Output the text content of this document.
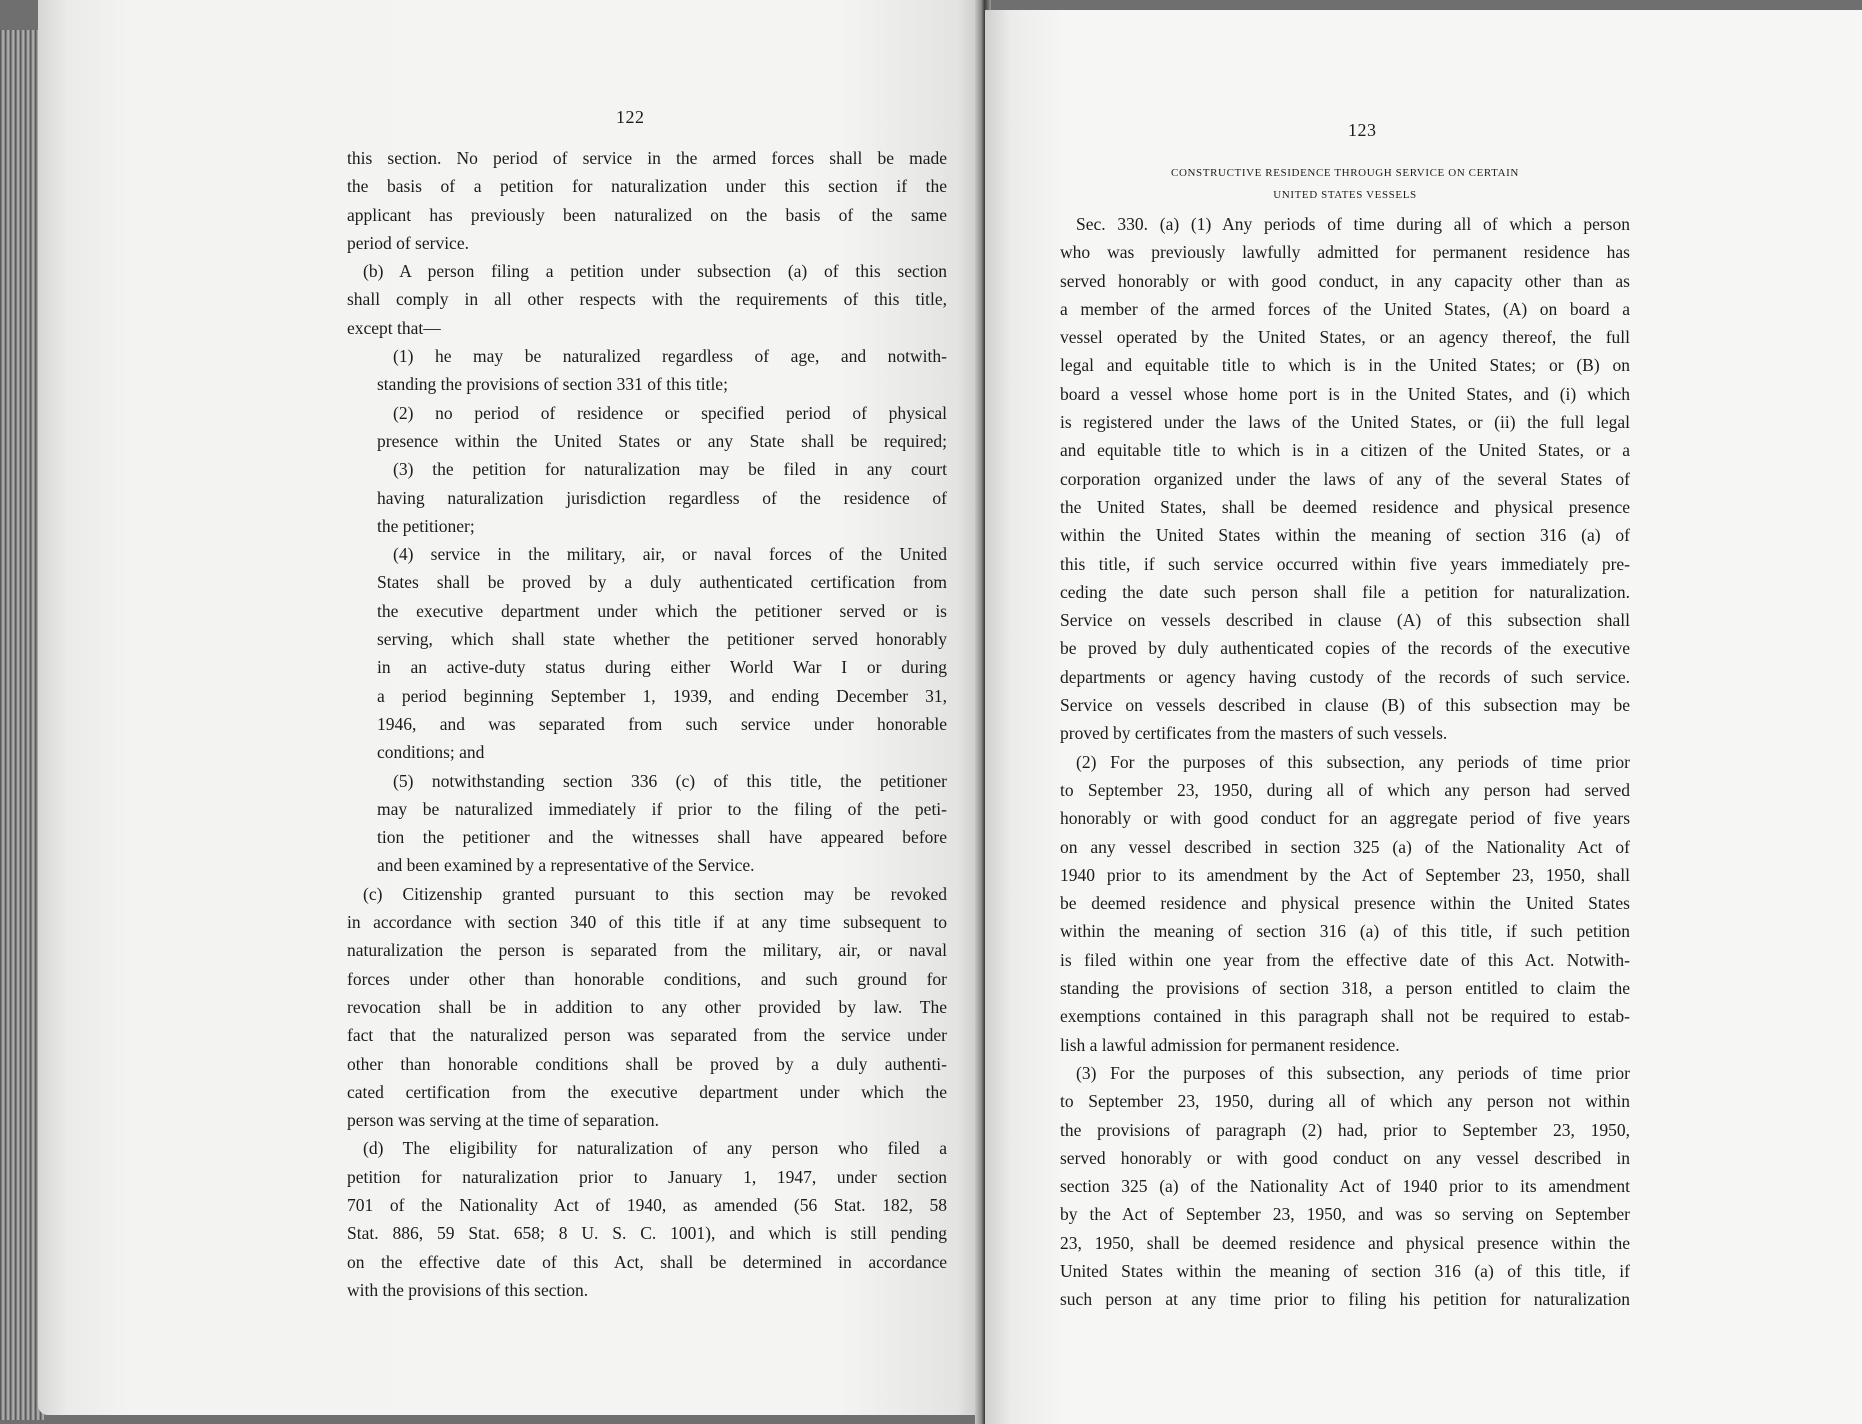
122
this section. No period of service in the armed forces shall be made
the basis of a petition for naturalization under this section if the
applicant has previously been naturalized on the basis of the same
period of service.
(b) A person filing a petition under subsection (a) of this section
shall comply in all other respects with the requirements of this title,
except that—
(1) he may be naturalized regardless of age, and notwith-
standing the provisions of section 331 of this title;
(2) no period of residence or specified period of physical
presence within the United States or any State shall be required;
(3) the petition for naturalization may be filed in any court
having naturalization jurisdiction regardless of the residence of
the petitioner;
(4) service in the military, air, or naval forces of the United
States shall be proved by a duly authenticated certification from
the executive department under which the petitioner served or is
serving, which shall state whether the petitioner served honorably
in an active-duty status during either World War I or during
a period beginning September 1, 1939, and ending December 31,
1946, and was separated from such service under honorable
conditions; and
(5) notwithstanding section 336 (c) of this title, the petitioner
may be naturalized immediately if prior to the filing of the peti-
tion the petitioner and the witnesses shall have appeared before
and been examined by a representative of the Service.
(c) Citizenship granted pursuant to this section may be revoked
in accordance with section 340 of this title if at any time subsequent to
naturalization the person is separated from the military, air, or naval
forces under other than honorable conditions, and such ground for
revocation shall be in addition to any other provided by law. The
fact that the naturalized person was separated from the service under
other than honorable conditions shall be proved by a duly authenti-
cated certification from the executive department under which the
person was serving at the time of separation.
(d) The eligibility for naturalization of any person who filed a
petition for naturalization prior to January 1, 1947, under section
701 of the Nationality Act of 1940, as amended (56 Stat. 182, 58
Stat. 886, 59 Stat. 658; 8 U. S. C. 1001), and which is still pending
on the effective date of this Act, shall be determined in accordance
with the provisions of this section.
123
CONSTRUCTIVE RESIDENCE THROUGH SERVICE ON CERTAIN
UNITED STATES VESSELS
Sec. 330. (a) (1) Any periods of time during all of which a person
who was previously lawfully admitted for permanent residence has
served honorably or with good conduct, in any capacity other than as
a member of the armed forces of the United States, (A) on board a
vessel operated by the United States, or an agency thereof, the full
legal and equitable title to which is in the United States; or (B) on
board a vessel whose home port is in the United States, and (i) which
is registered under the laws of the United States, or (ii) the full legal
and equitable title to which is in a citizen of the United States, or a
corporation organized under the laws of any of the several States of
the United States, shall be deemed residence and physical presence
within the United States within the meaning of section 316 (a) of
this title, if such service occurred within five years immediately pre-
ceding the date such person shall file a petition for naturalization.
Service on vessels described in clause (A) of this subsection shall
be proved by duly authenticated copies of the records of the executive
departments or agency having custody of the records of such service.
Service on vessels described in clause (B) of this subsection may be
proved by certificates from the masters of such vessels.
(2) For the purposes of this subsection, any periods of time prior
to September 23, 1950, during all of which any person had served
honorably or with good conduct for an aggregate period of five years
on any vessel described in section 325 (a) of the Nationality Act of
1940 prior to its amendment by the Act of September 23, 1950, shall
be deemed residence and physical presence within the United States
within the meaning of section 316 (a) of this title, if such petition
is filed within one year from the effective date of this Act. Notwith-
standing the provisions of section 318, a person entitled to claim the
exemptions contained in this paragraph shall not be required to estab-
lish a lawful admission for permanent residence.
(3) For the purposes of this subsection, any periods of time prior
to September 23, 1950, during all of which any person not within
the provisions of paragraph (2) had, prior to September 23, 1950,
served honorably or with good conduct on any vessel described in
section 325 (a) of the Nationality Act of 1940 prior to its amendment
by the Act of September 23, 1950, and was so serving on September
23, 1950, shall be deemed residence and physical presence within the
United States within the meaning of section 316 (a) of this title, if
such person at any time prior to filing his petition for naturalization
